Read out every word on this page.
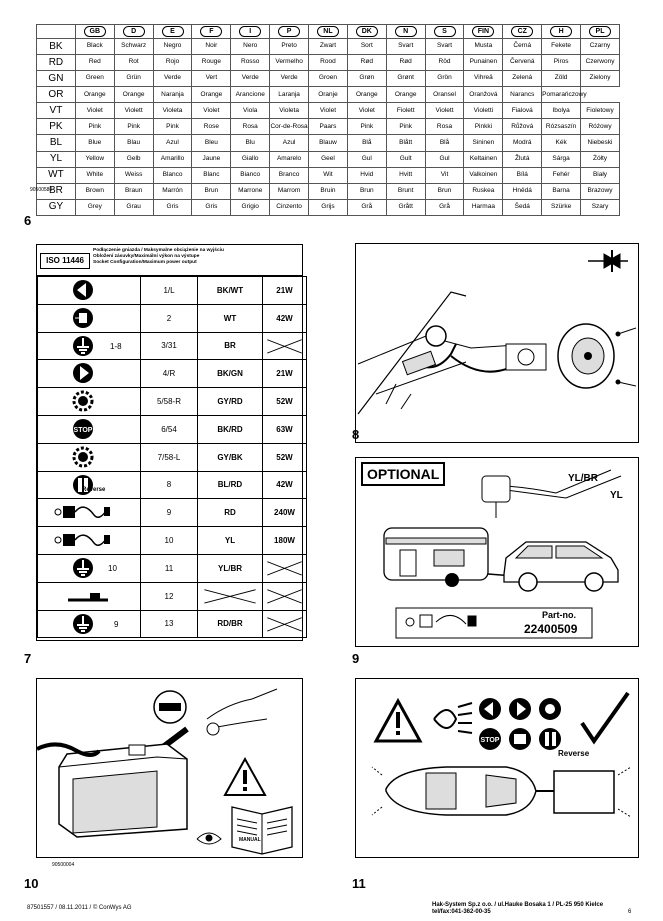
	GB	D	E	F	I	P	NL	DK	N	S	FIN	CZ	H	PL
BK	Black	Schwarz	Negro	Noir	Nero	Preto	Zwart	Sort	Svart	Svart	Musta	Černá	Fekete	Czarny
RD	Red	Rot	Rojo	Rouge	Rosso	Vermelho	Rood	Rød	Rød	Röd	Punainen	Červená	Piros	Czerwony
GN	Green	Grün	Verde	Vert	Verde	Verde	Groen	Grøn	Grønt	Grön	Vihreä	Zelená	Zöld	Zielony
OR	Orange	Orange	Naranja	Orange	Arancione	Laranja	Oranje	Orange	Orange	Oransel	Oranžová	Narancs	Pomarańczowy	
VT	Violet	Violett	Violeta	Violet	Viola	Violeta	Violet	Violet	Fiolett	Violett	Violetti	Fialová	Ibolya	Fioletowy
PK	Pink	Pink	Pink	Rose	Rosa	Cor-de-Rosa	Paars	Pink	Pink	Rosa	Pinkki	Růžová	Rózsaszín	Różowy
BL	Blue	Blau	Azul	Bleu	Blu	Azul	Blauw	Blå	Blått	Blå	Sininen	Modrá	Kék	Niebeski
YL	Yellow	Gelb	Amarillo	Jaune	Giallo	Amarelo	Geel	Gul	Gult	Gul	Keltainen	Žlutá	Sárga	Żółty
WT	White	Weiss	Blanco	Blanc	Bianco	Branco	Wit	Hvid	Hvitt	Vit	Valkoinen	Bílá	Fehér	Biały
BR	Brown	Braun	Marrón	Brun	Marrone	Marrom	Bruin	Brun	Brunt	Brun	Ruskea	Hnědá	Barna	Brazowy
GY	Grey	Grau	Gris	Gris	Grigio	Cinzento	Grijs	Grå	Grått	Grå	Harmaa	Šedá	Szürke	Szary
90500580
6
ISO 11446
Podłączenie gniazda / Maksymalne obciążenie na wyjściu
Obložení zásuvky/Maximální výkon na výstupe
Socket Configuration/Maximum power output
	1/L	BK/WT	21W

	2	WT	42W

1-8	3/31	BR	

	4/R	BK/GN	21W

	5/58-R	GY/RD	52W

STOP	6/54	BK/RD	63W

	7/58-L	GY/BK	52W

Reverse	8	BL/RD	42W

	9	RD	240W

	10	YL	180W

10	11	YL/BR	

	12	

9	13	RD/BR	
7
8
OPTIONAL	YL/BR
YL
Part-no.
22400509
9
MANUAL
90500004
10
STOP
Reverse
11
87501557 / 08.11.2011 / © ConWys AG	Hak-System Sp.z o.o. / ul.Hauke Bosaka 1 / PL-25 950 Kielce
tel/fax:041-362-00-35	6
